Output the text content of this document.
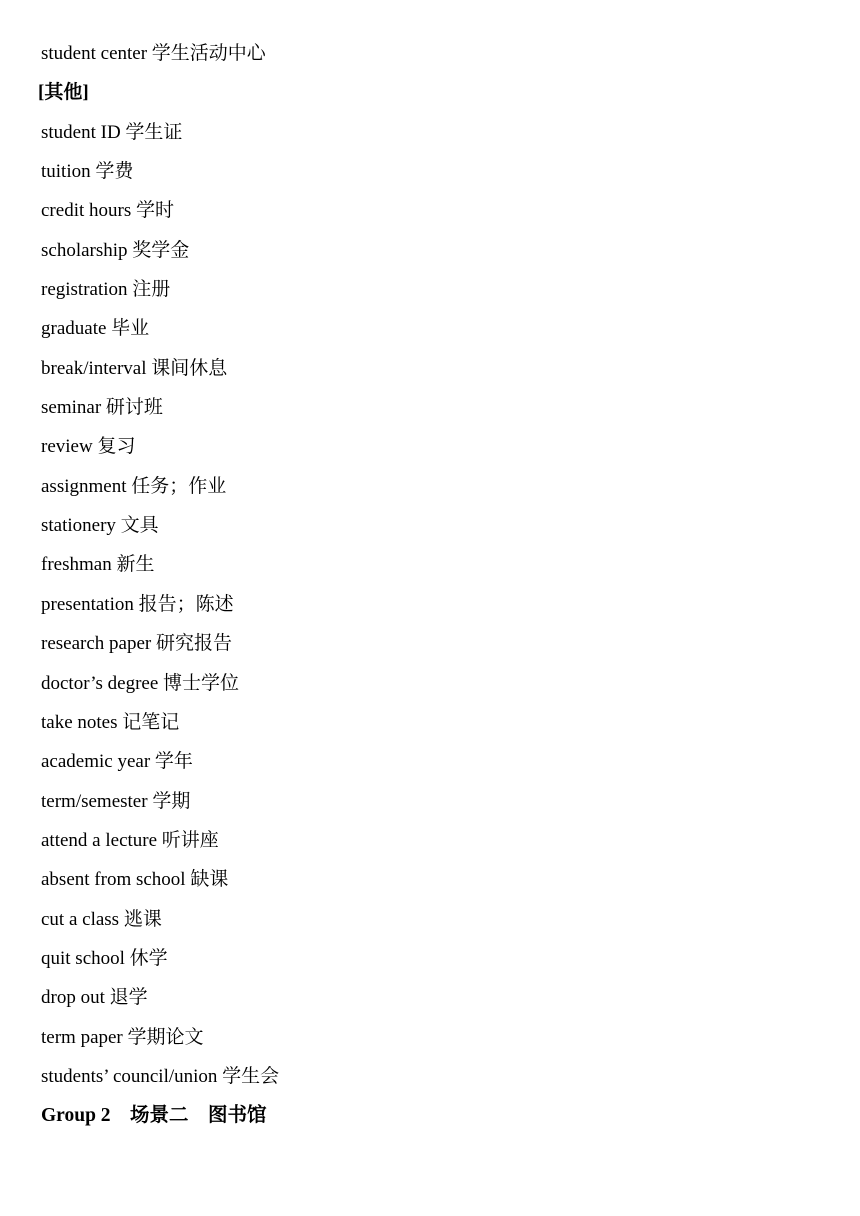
student center 学生活动中心
[其他]
student ID 学生证
tuition 学费
credit hours 学时
scholarship 奖学金
registration 注册
graduate 毕业
break/interval 课间休息
seminar 研讨班
review 复习
assignment 任务；作业
stationery 文具
freshman 新生
presentation 报告；陈述
research paper 研究报告
doctor’s degree 博士学位
take notes 记笔记
academic year 学年
term/semester 学期
attend a lecture 听讲座
absent from school 缺课
cut a class 逃课
quit school 休学
drop out 退学
term paper 学期论文
students’ council/union 学生会
Group 2　场景二　图书馆
